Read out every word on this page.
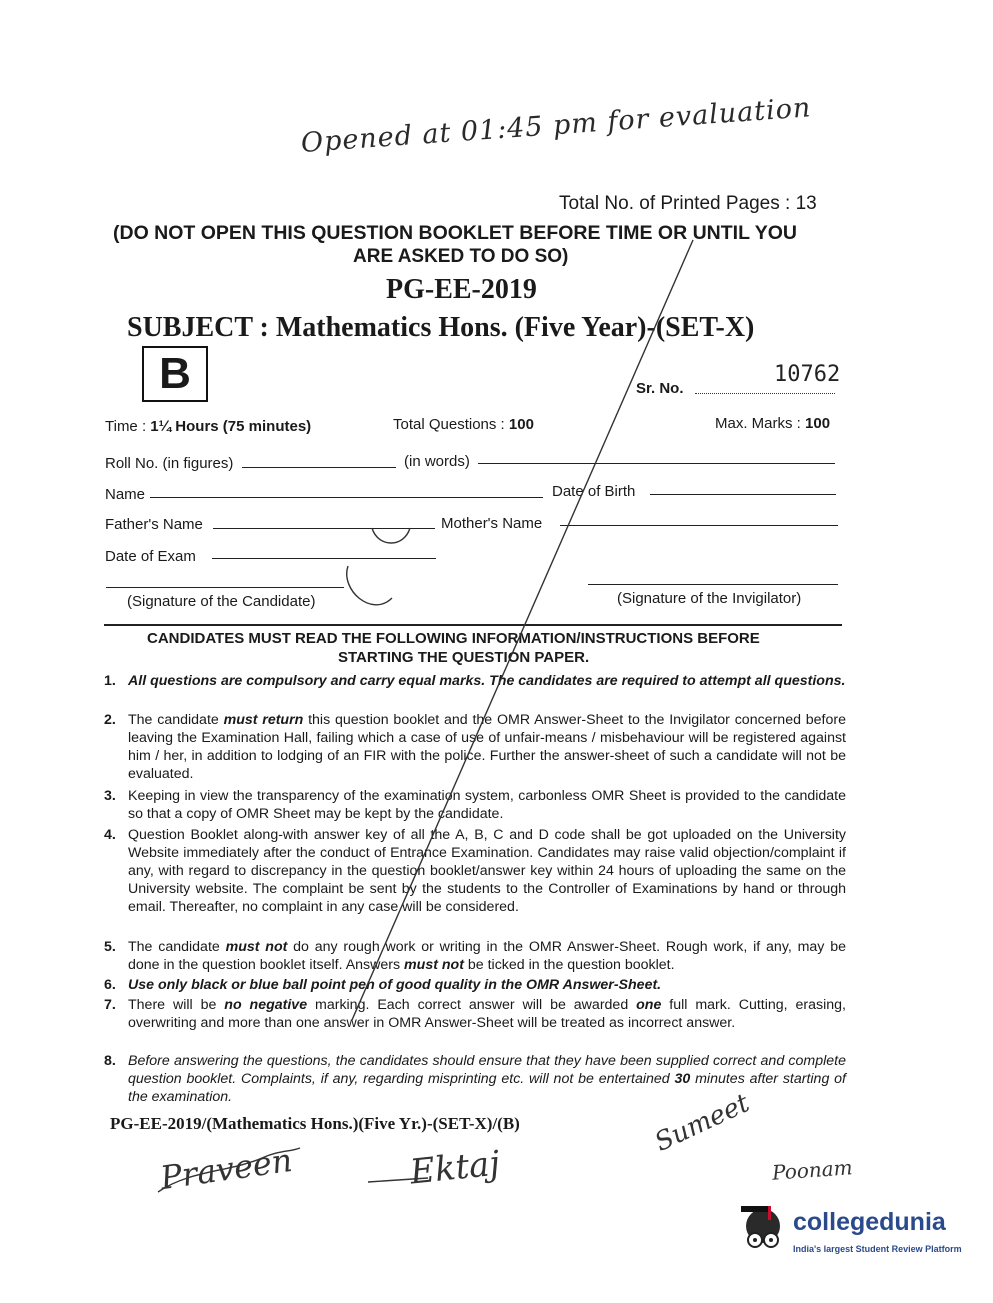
Opened at 01:45 pm for evaluation
Total No. of Printed Pages : 13
(DO NOT OPEN THIS QUESTION BOOKLET BEFORE TIME OR UNTIL YOU
ARE ASKED TO DO SO)
PG-EE-2019
SUBJECT : Mathematics Hons. (Five Year)-(SET-X)
B	Sr. No.
10762
Time : 1¼ Hours (75 minutes)	Total Questions : 100	Max. Marks : 100
Roll No. (in figures)	(in words)
Name	Date of Birth
Father's Name	Mother's Name
Date of Exam
(Signature of the Candidate)	(Signature of the Invigilator)
CANDIDATES MUST READ THE FOLLOWING INFORMATION/INSTRUCTIONS BEFORE
STARTING THE QUESTION PAPER.
1. All questions are compulsory and carry equal marks. The candidates are required to attempt all questions.
2. The candidate must return this question booklet and the OMR Answer-Sheet to the Invigilator concerned before leaving the Examination Hall, failing which a case of use of unfair-means / misbehaviour will be registered against him / her, in addition to lodging of an FIR with the police. Further the answer-sheet of such a candidate will not be evaluated.
3. Keeping in view the transparency of the examination system, carbonless OMR Sheet is provided to the candidate so that a copy of OMR Sheet may be kept by the candidate.
4. Question Booklet along-with answer key of all the A, B, C and D code shall be got uploaded on the University Website immediately after the conduct of Entrance Examination. Candidates may raise valid objection/complaint if any, with regard to discrepancy in the question booklet/answer key within 24 hours of uploading the same on the University website. The complaint be sent by the students to the Controller of Examinations by hand or through email. Thereafter, no complaint in any case will be considered.
5. The candidate must not do any rough work or writing in the OMR Answer-Sheet. Rough work, if any, may be done in the question booklet itself. Answers must not be ticked in the question booklet.
6. Use only black or blue ball point pen of good quality in the OMR Answer-Sheet.
7. There will be no negative marking. Each correct answer will be awarded one full mark. Cutting, erasing, overwriting and more than one answer in OMR Answer-Sheet will be treated as incorrect answer.
8. Before answering the questions, the candidates should ensure that they have been supplied correct and complete question booklet. Complaints, if any, regarding misprinting etc. will not be entertained 30 minutes after starting of the examination.
PG-EE-2019/(Mathematics Hons.)(Five Yr.)-(SET-X)/(B)
Praveen	Ektaj
Sumeet
Poonam
collegedunia
India's largest Student Review Platform
